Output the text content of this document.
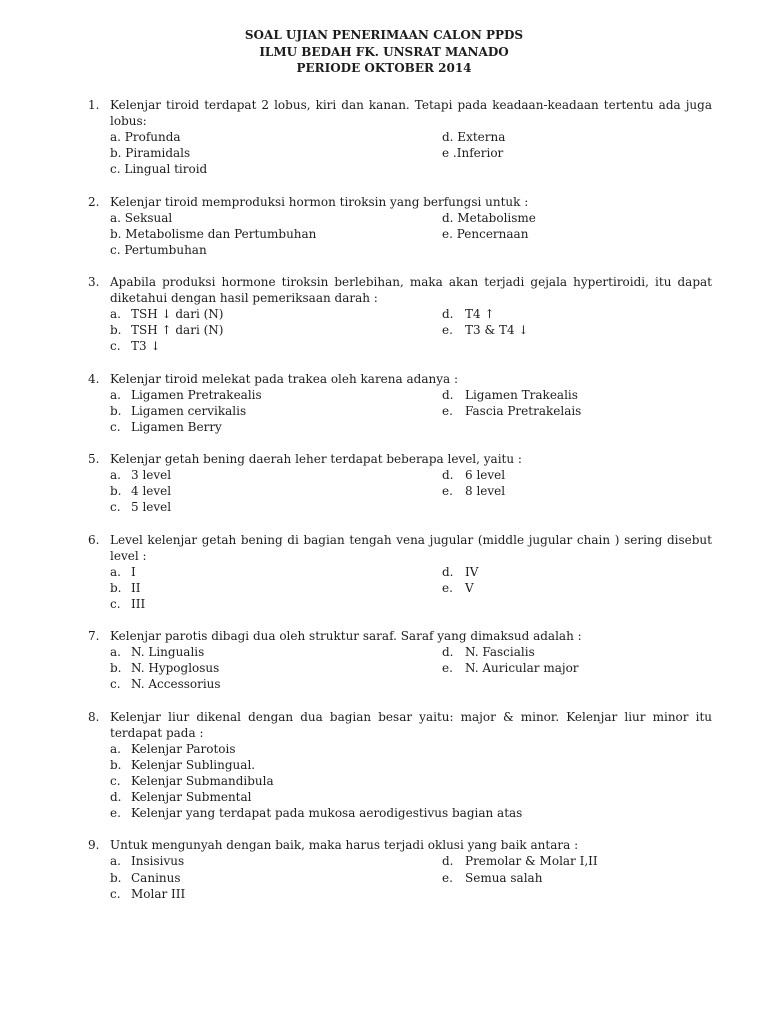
SOAL UJIAN PENERIMAAN CALON PPDS
ILMU BEDAH FK. UNSRAT MANADO
PERIODE OKTOBER 2014
1. Kelenjar tiroid terdapat 2 lobus, kiri dan kanan. Tetapi pada keadaan-keadaan tertentu ada juga lobus:
a. Profunda
b. Piramidals
c. Lingual tiroid
d. Externa
e .Inferior
2. Kelenjar tiroid memproduksi hormon tiroksin yang berfungsi untuk :
a. Seksual
b. Metabolisme dan Pertumbuhan
c. Pertumbuhan
d. Metabolisme
e. Pencernaan
3. Apabila produksi hormone tiroksin berlebihan, maka akan terjadi gejala hypertiroidi, itu dapat diketahui dengan hasil pemeriksaan darah :
a. TSH ↓ dari (N)
b. TSH ↑ dari (N)
c. T3 ↓
d. T4 ↑
e. T3 & T4 ↓
4. Kelenjar tiroid melekat pada trakea oleh karena adanya :
a. Ligamen Pretrakealis
b. Ligamen cervikalis
c. Ligamen Berry
d. Ligamen Trakealis
e. Fascia Pretrakelais
5. Kelenjar getah bening daerah leher terdapat beberapa level, yaitu :
a. 3 level
b. 4 level
c. 5 level
d. 6 level
e. 8 level
6. Level kelenjar getah bening di bagian tengah vena jugular (middle jugular chain ) sering disebut level :
a. I
b. II
c. III
d. IV
e. V
7. Kelenjar parotis dibagi dua oleh struktur saraf. Saraf yang dimaksud adalah :
a. N. Lingualis
b. N. Hypoglosus
c. N. Accessorius
d. N. Fascialis
e. N. Auricular major
8. Kelenjar liur dikenal dengan dua bagian besar yaitu: major & minor. Kelenjar liur minor itu terdapat pada :
a. Kelenjar Parotois
b. Kelenjar Sublingual.
c. Kelenjar Submandibula
d. Kelenjar Submental
e. Kelenjar yang terdapat pada mukosa aerodigestivus bagian atas
9. Untuk mengunyah dengan baik, maka harus terjadi oklusi yang baik antara :
a. Insisivus
b. Caninus
c. Molar III
d. Premolar & Molar I,II
e. Semua salah
